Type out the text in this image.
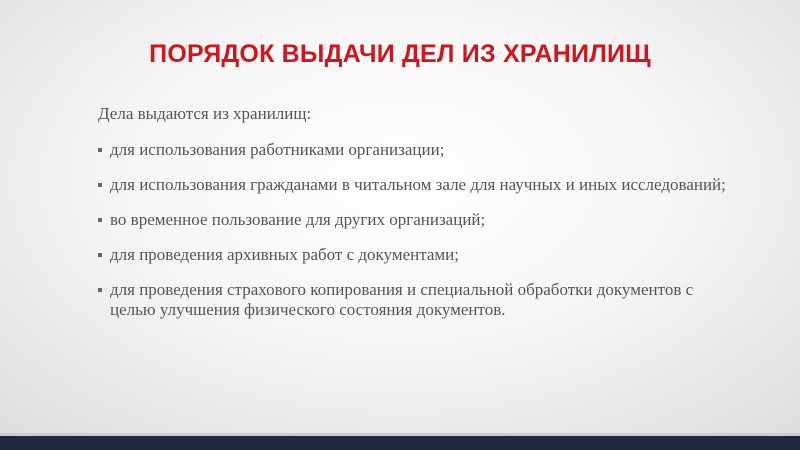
ПОРЯДОК ВЫДАЧИ ДЕЛ ИЗ ХРАНИЛИЩ

Дела выдаются из хранилищ:

для использования работниками организации;
для использования гражданами в читальном зале для научных и иных исследований;
во временное пользование для других организаций;
для проведения архивных работ с документами;
для проведения страхового копирования и специальной обработки документов с целью улучшения физического состояния документов.
